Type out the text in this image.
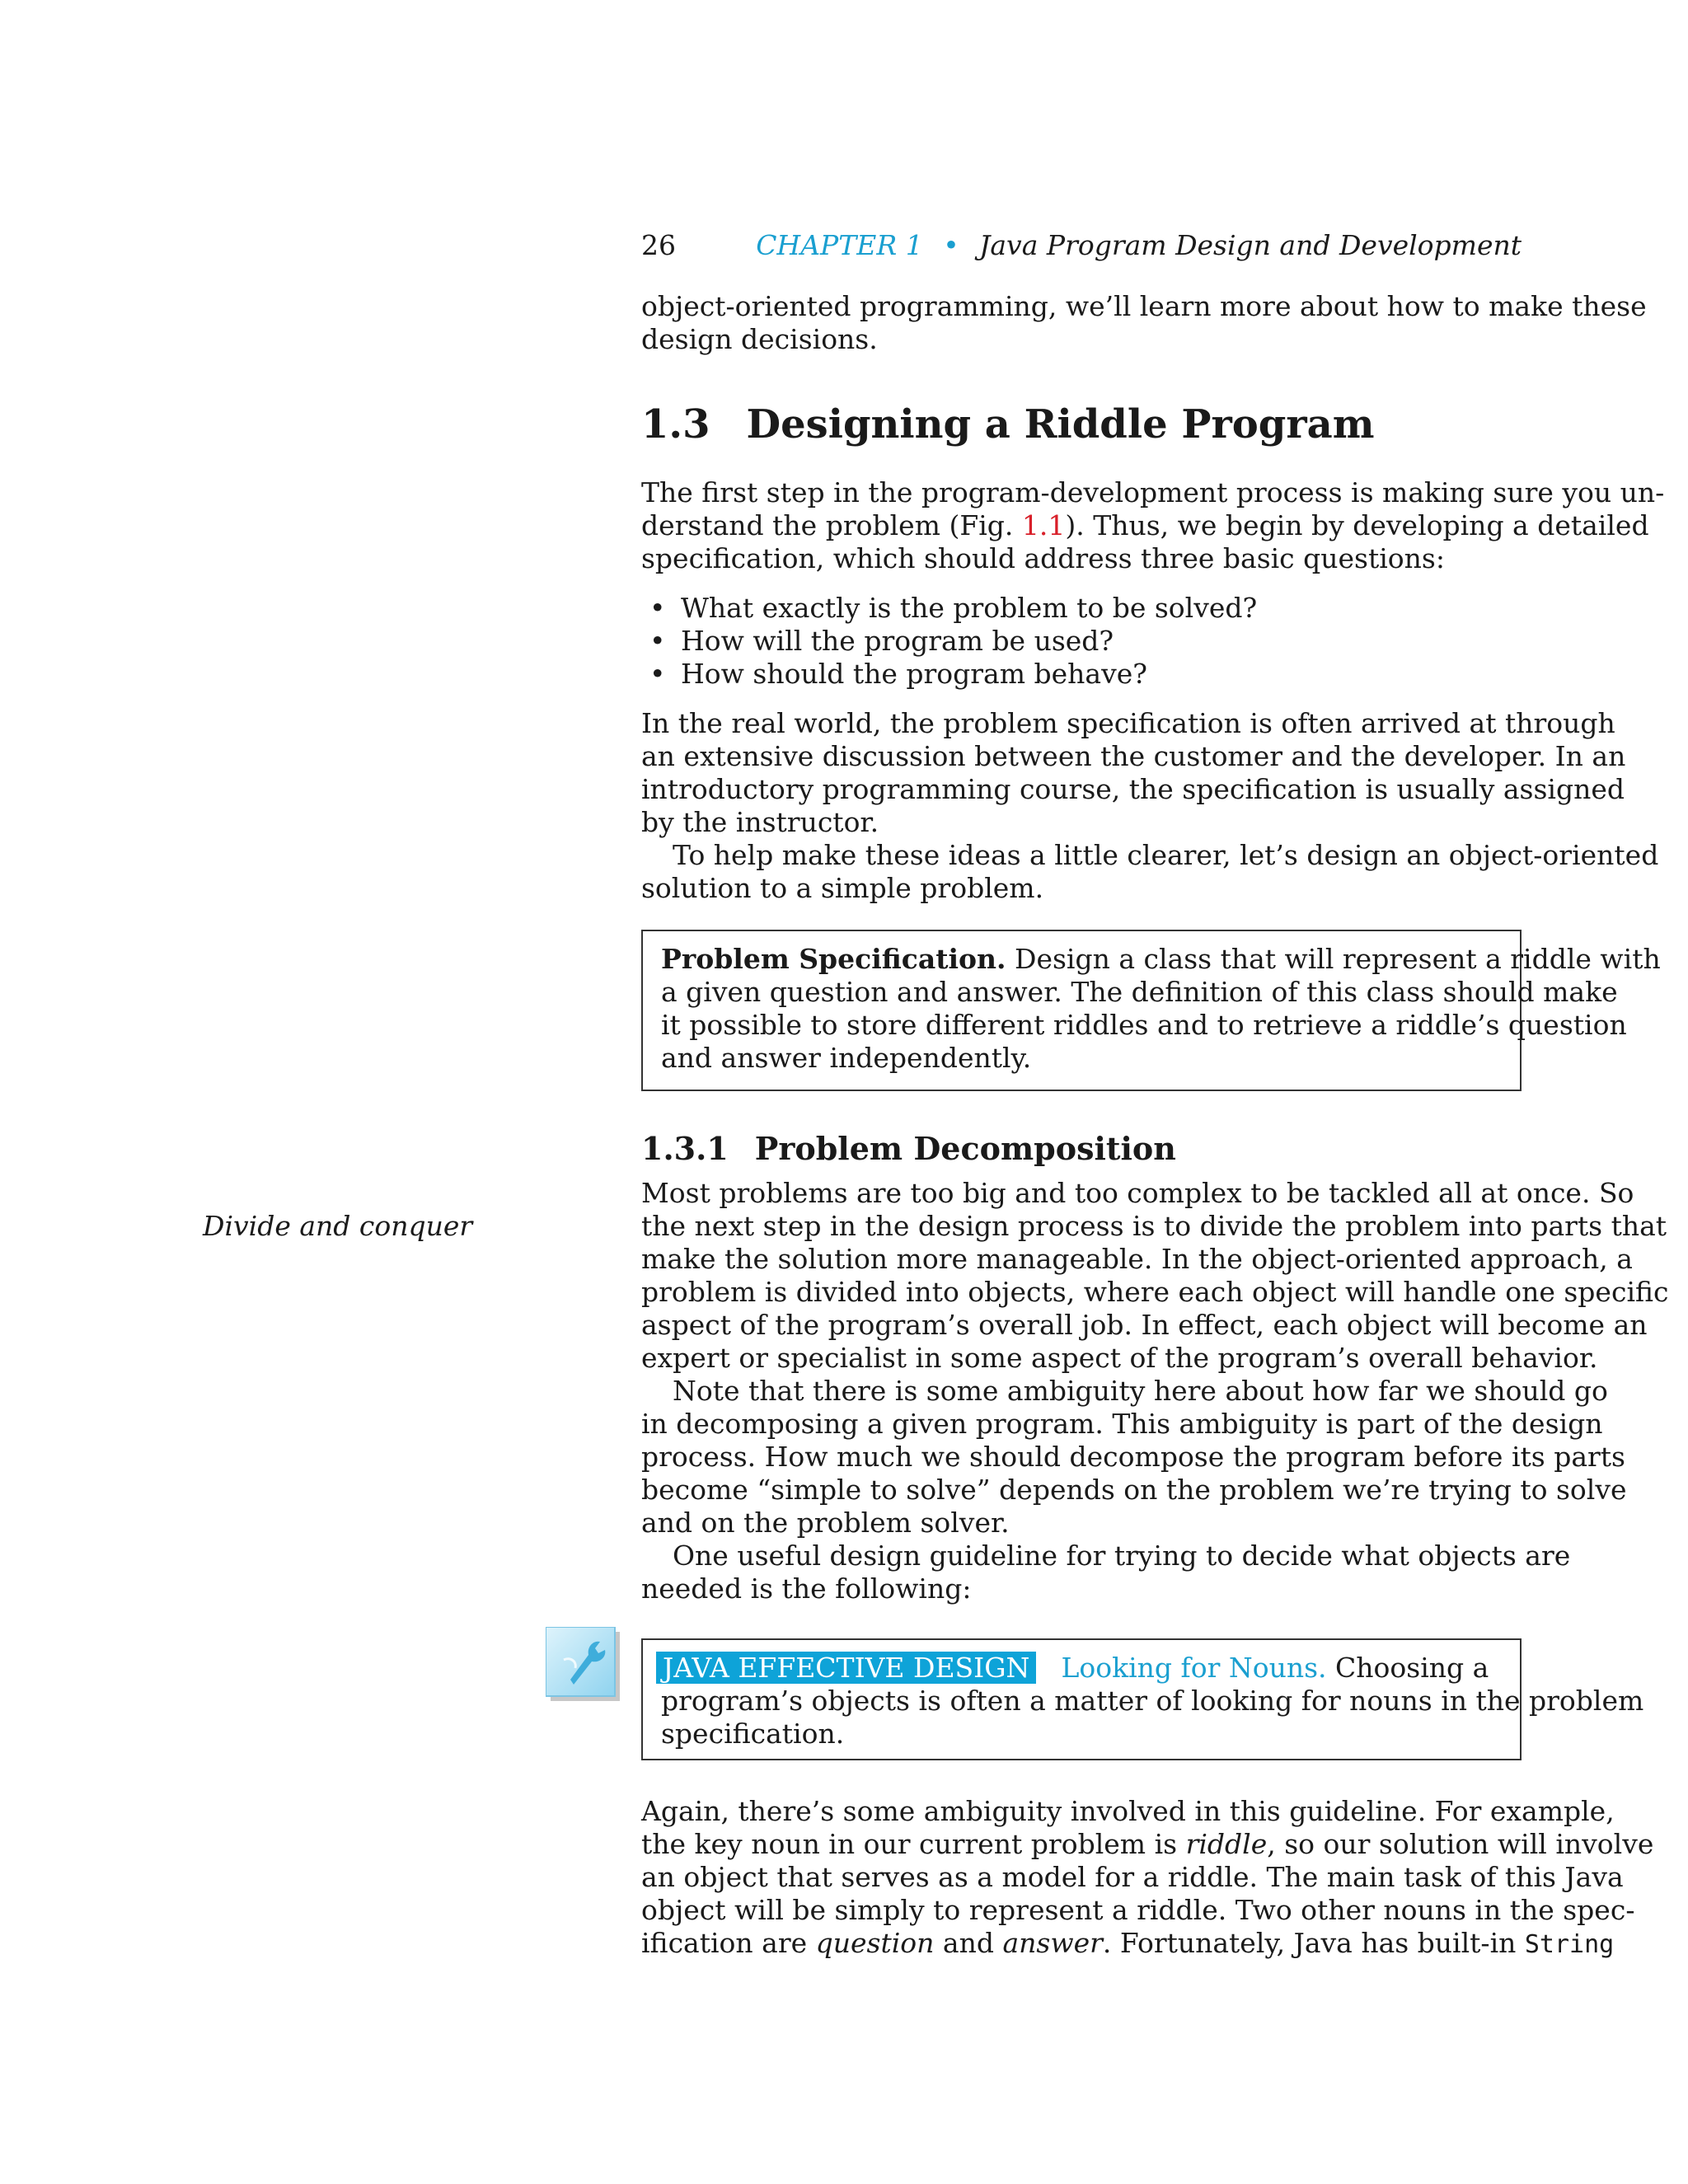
26	CHAPTER 1 • Java Program Design and Development
object-oriented programming, we’ll learn more about how to make these
design decisions.
1.3 Designing a Riddle Program
The first step in the program-development process is making sure you un-
derstand the problem (Fig. 1.1). Thus, we begin by developing a detailed
specification, which should address three basic questions:
• What exactly is the problem to be solved?
• How will the program be used?
• How should the program behave?
In the real world, the problem specification is often arrived at through
an extensive discussion between the customer and the developer. In an
introductory programming course, the specification is usually assigned
by the instructor.
To help make these ideas a little clearer, let’s design an object-oriented
solution to a simple problem.
Problem Specification. Design a class that will represent a riddle with
a given question and answer. The definition of this class should make
it possible to store different riddles and to retrieve a riddle’s question
and answer independently.
1.3.1 Problem Decomposition
Divide and conquer
Most problems are too big and too complex to be tackled all at once. So
the next step in the design process is to divide the problem into parts that
make the solution more manageable. In the object-oriented approach, a
problem is divided into objects, where each object will handle one specific
aspect of the program’s overall job. In effect, each object will become an
expert or specialist in some aspect of the program’s overall behavior.
Note that there is some ambiguity here about how far we should go
in decomposing a given program. This ambiguity is part of the design
process. How much we should decompose the program before its parts
become “simple to solve” depends on the problem we’re trying to solve
and on the problem solver.
One useful design guideline for trying to decide what objects are
needed is the following:
JAVA EFFECTIVE DESIGN Looking for Nouns. Choosing a
program’s objects is often a matter of looking for nouns in the problem
specification.
Again, there’s some ambiguity involved in this guideline. For example,
the key noun in our current problem is riddle, so our solution will involve
an object that serves as a model for a riddle. The main task of this Java
object will be simply to represent a riddle. Two other nouns in the spec-
ification are question and answer. Fortunately, Java has built-in String
